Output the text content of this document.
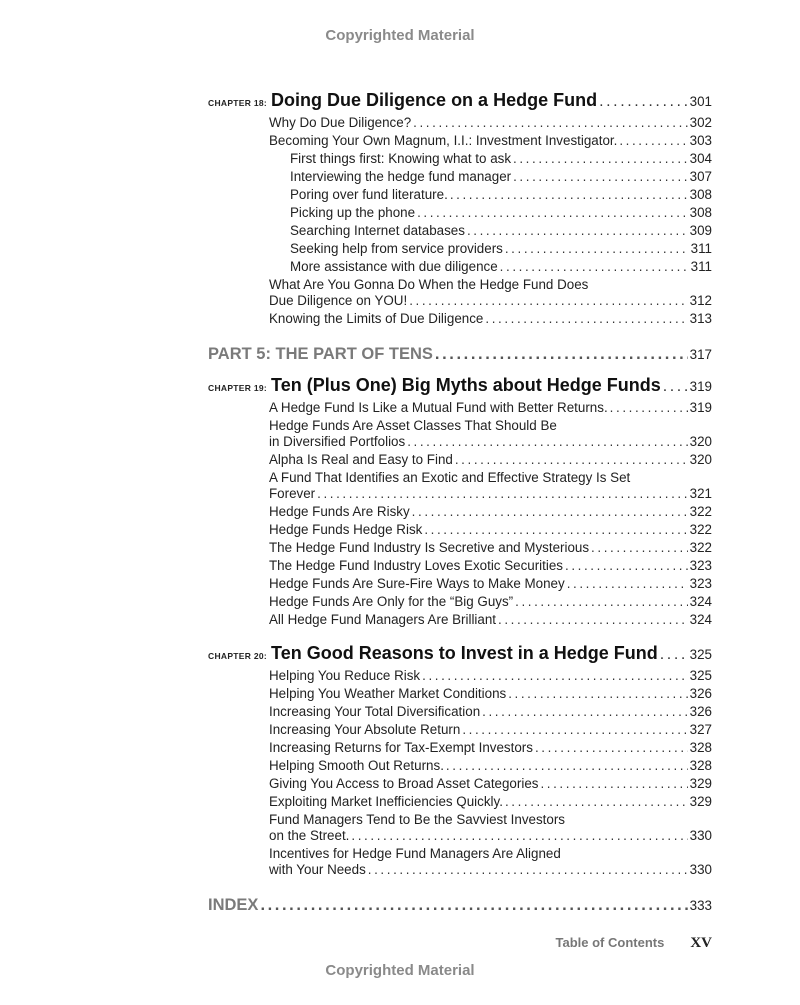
Copyrighted Material
CHAPTER 18: Doing Due Diligence on a Hedge Fund .....	301
Why Do Due Diligence? .....	302
Becoming Your Own Magnum, I.I.: Investment Investigator. .....	303
First things first: Knowing what to ask .....	304
Interviewing the hedge fund manager .....	307
Poring over fund literature. .....	308
Picking up the phone .....	308
Searching Internet databases .....	309
Seeking help from service providers .....	311
More assistance with due diligence .....	311
What Are You Gonna Do When the Hedge Fund Does
Due Diligence on YOU! .....	312
Knowing the Limits of Due Diligence .....	313
PART 5: THE PART OF TENS .....	317
CHAPTER 19: Ten (Plus One) Big Myths about Hedge Funds ..... 319
A Hedge Fund Is Like a Mutual Fund with Better Returns. .....	319
Hedge Funds Are Asset Classes That Should Be
in Diversified Portfolios .....	320
Alpha Is Real and Easy to Find .....	320
A Fund That Identifies an Exotic and Effective Strategy Is Set
Forever .....	321
Hedge Funds Are Risky .....	322
Hedge Funds Hedge Risk .....	322
The Hedge Fund Industry Is Secretive and Mysterious .....	322
The Hedge Fund Industry Loves Exotic Securities .....	323
Hedge Funds Are Sure-Fire Ways to Make Money .....	323
Hedge Funds Are Only for the “Big Guys” .....	324
All Hedge Fund Managers Are Brilliant .....	324
CHAPTER 20: Ten Good Reasons to Invest in a Hedge Fund ..... 325
Helping You Reduce Risk .....	325
Helping You Weather Market Conditions .....	326
Increasing Your Total Diversification .....	326
Increasing Your Absolute Return .....	327
Increasing Returns for Tax-Exempt Investors .....	328
Helping Smooth Out Returns. .....	328
Giving You Access to Broad Asset Categories .....	329
Exploiting Market Inefficiencies Quickly. .....	329
Fund Managers Tend to Be the Savviest Investors
on the Street. .....	330
Incentives for Hedge Fund Managers Are Aligned
with Your Needs .....	330
INDEX .....	333
Table of Contents XV
Copyrighted Material
